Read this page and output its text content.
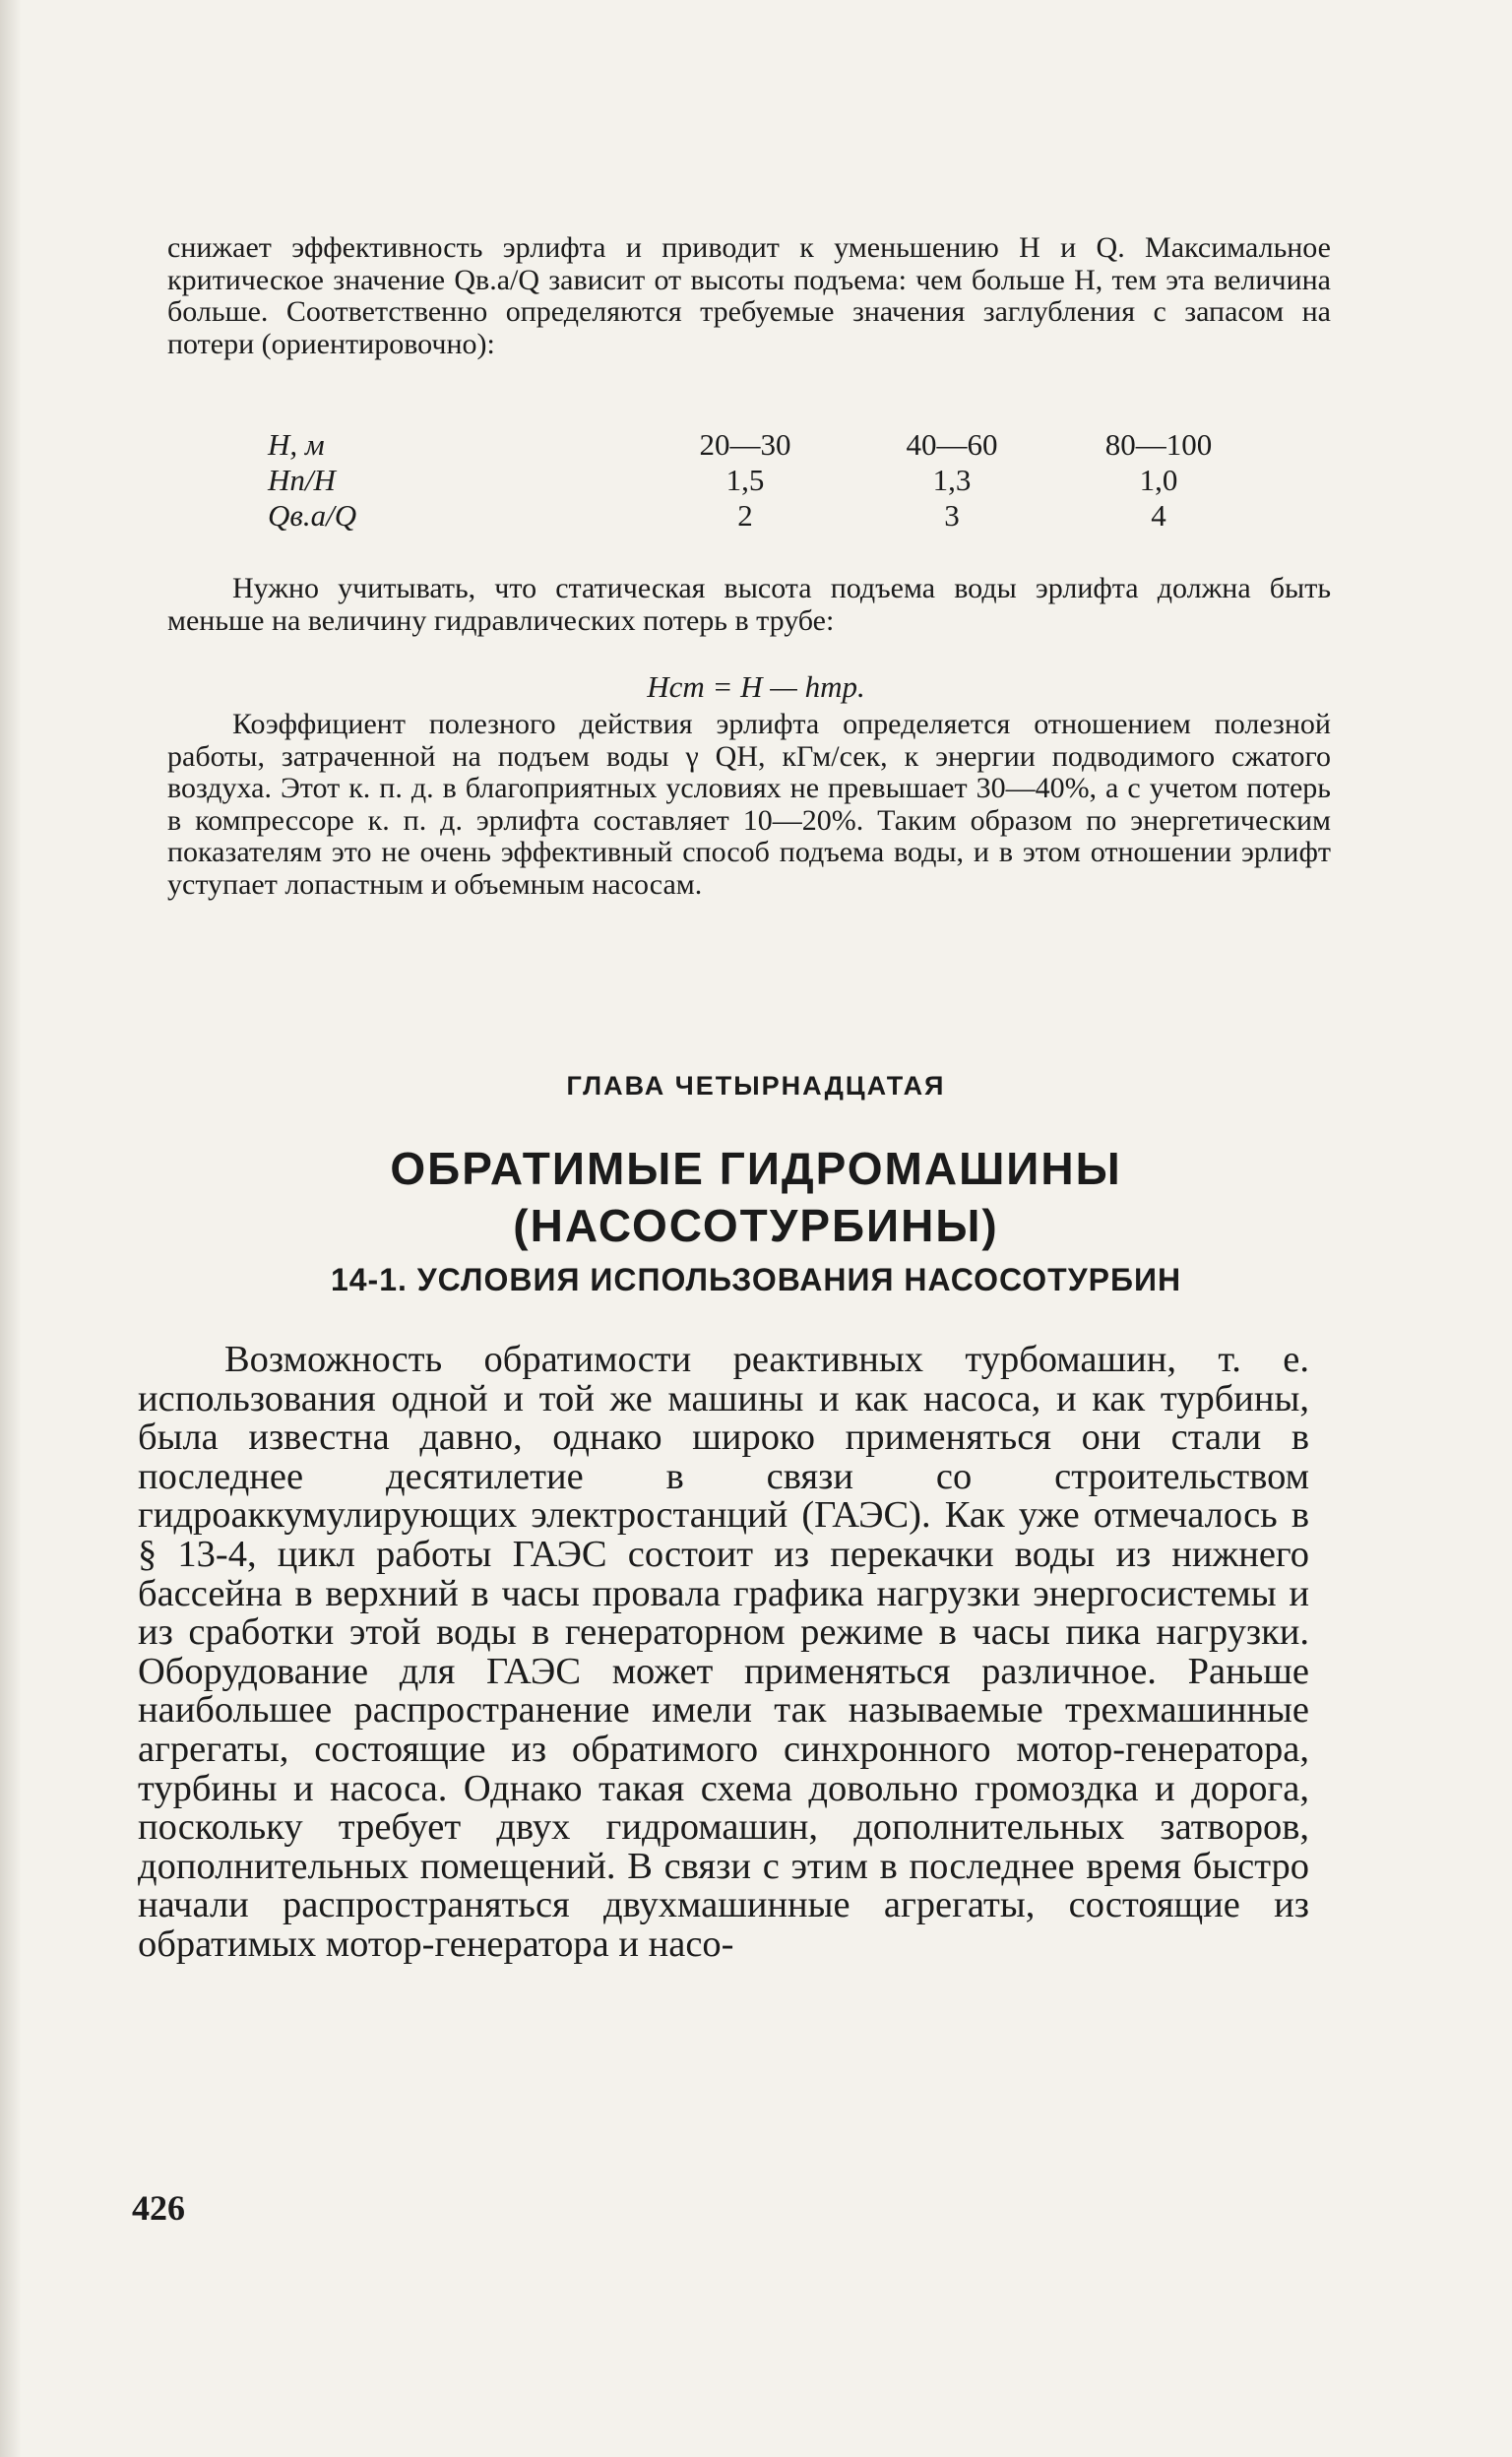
снижает эффективность эрлифта и приводит к уменьшению H и Q. Максимальное критическое значение Qв.а/Q зависит от высоты подъема: чем больше H, тем эта величина больше. Соответственно определяются требуемые значения заглубления с запасом на потери (ориентировочно):

H, м	20—30	40—60	80—100
Hп/H	1,5	1,3	1,0
Qв.а/Q	2	3	4

Нужно учитывать, что статическая высота подъема воды эрлифта должна быть меньше на величину гидравлических потерь в трубе:

Hст = H — hтр.

Коэффициент полезного действия эрлифта определяется отношением полезной работы, затраченной на подъем воды γ QH, кГм/сек, к энергии подводимого сжатого воздуха. Этот к. п. д. в благоприятных условиях не превышает 30—40%, а с учетом потерь в компрессоре к. п. д. эрлифта составляет 10—20%. Таким образом по энергетическим показателям это не очень эффективный способ подъема воды, и в этом отношении эрлифт уступает лопастным и объемным насосам.

ГЛАВА ЧЕТЫРНАДЦАТАЯ

ОБРАТИМЫЕ ГИДРОМАШИНЫ
(НАСОСОТУРБИНЫ)
14-1. УСЛОВИЯ ИСПОЛЬЗОВАНИЯ НАСОСОТУРБИН

Возможность обратимости реактивных турбомашин, т. е. использования одной и той же машины и как насоса, и как турбины, была известна давно, однако широко применяться они стали в последнее десятилетие в связи со строительством гидроаккумулирующих электростанций (ГАЭС). Как уже отмечалось в § 13-4, цикл работы ГАЭС состоит из перекачки воды из нижнего бассейна в верхний в часы провала графика нагрузки энергосистемы и из сработки этой воды в генераторном режиме в часы пика нагрузки. Оборудование для ГАЭС может применяться различное. Раньше наибольшее распространение имели так называемые трехмашинные агрегаты, состоящие из обратимого синхронного мотор-генератора, турбины и насоса. Однако такая схема довольно громоздка и дорога, поскольку требует двух гидромашин, дополнительных затворов, дополнительных помещений. В связи с этим в последнее время быстро начали распространяться двухмашинные агрегаты, состоящие из обратимых мотор-генератора и насо-

426
